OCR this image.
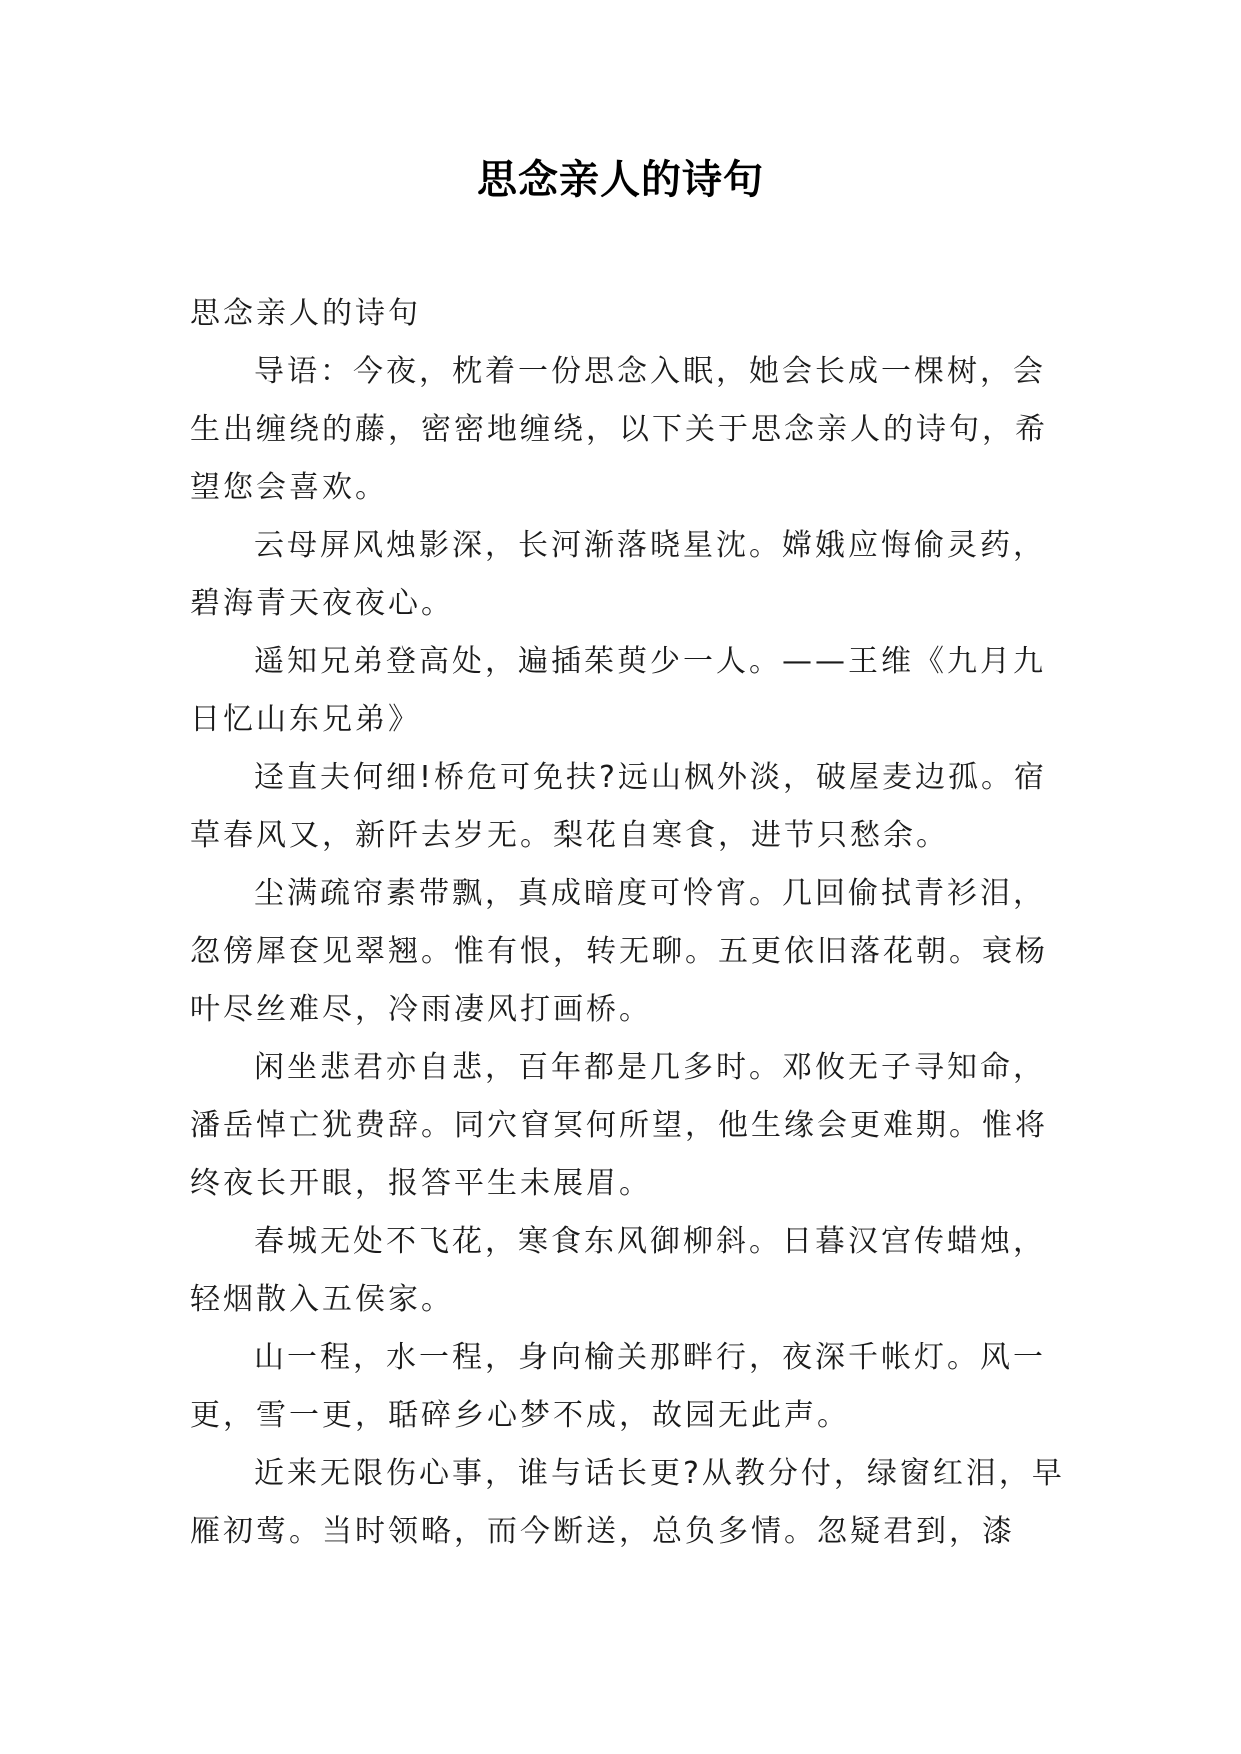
思念亲人的诗句

思念亲人的诗句

导语：今夜，枕着一份思念入眠，她会长成一棵树，会生出缠绕的藤，密密地缠绕，以下关于思念亲人的诗句，希望您会喜欢。

云母屏风烛影深，长河渐落晓星沈。嫦娥应悔偷灵药，碧海青天夜夜心。

遥知兄弟登高处，遍插茱萸少一人。——王维《九月九日忆山东兄弟》

迳直夫何细!桥危可免扶?远山枫外淡，破屋麦边孤。宿草春风又，新阡去岁无。梨花自寒食，进节只愁余。

尘满疏帘素带飘，真成暗度可怜宵。几回偷拭青衫泪，忽傍犀奁见翠翘。惟有恨，转无聊。五更依旧落花朝。衰杨叶尽丝难尽，冷雨凄风打画桥。

闲坐悲君亦自悲，百年都是几多时。邓攸无子寻知命，潘岳悼亡犹费辞。同穴窅冥何所望，他生缘会更难期。惟将终夜长开眼，报答平生未展眉。

春城无处不飞花，寒食东风御柳斜。日暮汉宫传蜡烛，轻烟散入五侯家。

山一程，水一程，身向榆关那畔行，夜深千帐灯。风一更，雪一更，聒碎乡心梦不成，故园无此声。

近来无限伤心事，谁与话长更?从教分付，绿窗红泪，早雁初莺。当时领略，而今断送，总负多情。忽疑君到，漆
